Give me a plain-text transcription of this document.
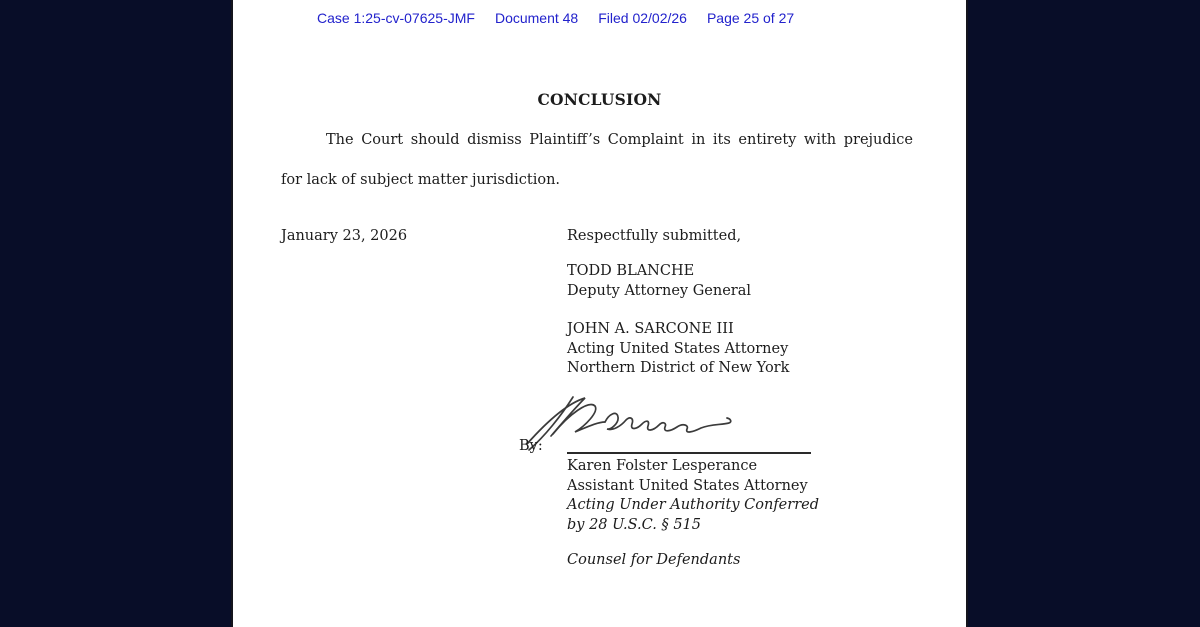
Case 1:25-cv-07625-JMF Document 48 Filed 02/02/26 Page 25 of 27
CONCLUSION
The Court should dismiss Plaintiff’s Complaint in its entirety with prejudice
for lack of subject matter jurisdiction.
January 23, 2026	Respectfully submitted,
TODD BLANCHE
Deputy Attorney General
JOHN A. SARCONE III
Acting United States Attorney
Northern District of New York
By:
Karen Folster Lesperance
Assistant United States Attorney
Acting Under Authority Conferred
by 28 U.S.C. § 515
Counsel for Defendants
